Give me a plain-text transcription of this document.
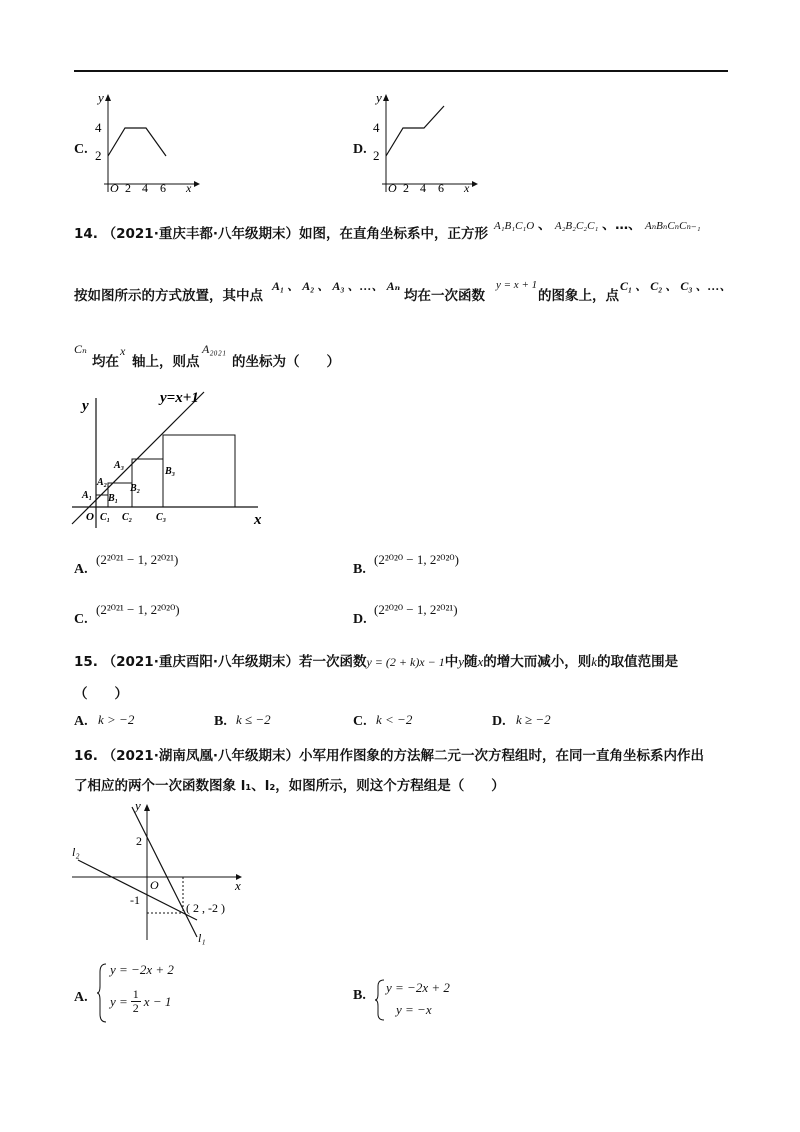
C.
y
x
O
4
2
2 4 6
D.
y
x
O
4
2
2 4 6
14. （2021·重庆丰都·八年级期末）如图，在直角坐标系中，正方形 A₁B₁C₁O 、 A₂B₂C₂C₁ 、…、 AₙBₙCₙCₙ₋₁
按如图所示的方式放置，其中点
A₁ 、 A₂ 、 A₃ 、…、 Aₙ
均在一次函数
y = x + 1
的图象上，点
C₁ 、 C₂ 、 C₃ 、…、
Cₙ
均在
x
轴上，则点
A₂₀₂₁
的坐标为（　　）
y=x+1
y
x
O
A₁
A₂
A₃
B₁
B₂
B₃
C₁ C₂ C₃
A.
(2²⁰²¹ − 1, 2²⁰²¹)
B.
(2²⁰²⁰ − 1, 2²⁰²⁰)
C.
(2²⁰²¹ − 1, 2²⁰²⁰)
D.
(2²⁰²⁰ − 1, 2²⁰²¹)
15. （2021·重庆酉阳·八年级期末）若一次函数y = (2 + k)x − 1中y随x的增大而减小，则k的取值范围是
（　　）
A. k > −2	B. k ≤ −2	C. k < −2	D. k ≥ −2
16. （2021·湖南凤凰·八年级期末）小军用作图象的方法解二元一次方程组时，在同一直角坐标系内作出
了相应的两个一次函数图象 l₁、l₂，如图所示，则这个方程组是（　　）
y
x
O
2
-1
l₁
l₂
( 2 , -2 )
A.
y = −2x + 2
$y = \frac{1}{2}$ x − 1	B.
y = −2x + 2
y = −x
